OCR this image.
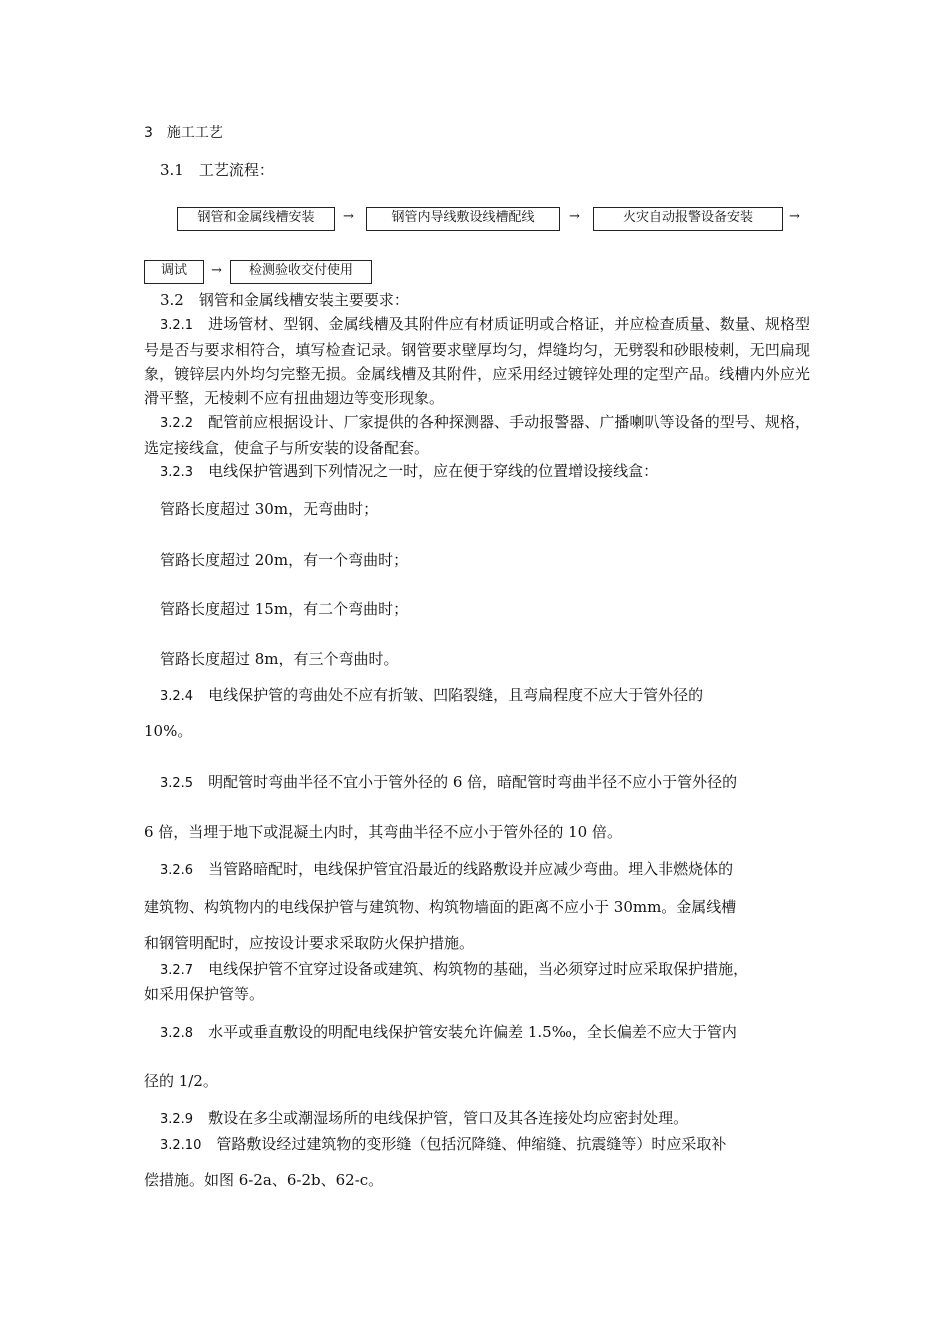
3　施工工艺
3.1　工艺流程：
钢管和金属线槽安装	→	钢管内导线敷设线槽配线	→	火灾自动报警设备安装	→
调试	→	检测验收交付使用
3.2　钢管和金属线槽安装主要要求：
3.2.1　进场管材、型钢、金属线槽及其附件应有材质证明或合格证，并应检查质量、数量、规格型号是否与要求相符合，填写检查记录。钢管要求壁厚均匀，焊缝均匀，无劈裂和砂眼棱刺，无凹扁现象，镀锌层内外均匀完整无损。金属线槽及其附件，应采用经过镀锌处理的定型产品。线槽内外应光滑平整，无棱刺不应有扭曲翅边等变形现象。
3.2.2　配管前应根据设计、厂家提供的各种探测器、手动报警器、广播喇叭等设备的型号、规格，选定接线盒，使盒子与所安装的设备配套。
3.2.3　电线保护管遇到下列情况之一时，应在便于穿线的位置增设接线盒：
管路长度超过 30m，无弯曲时；
管路长度超过 20m，有一个弯曲时；
管路长度超过 15m，有二个弯曲时；
管路长度超过 8m，有三个弯曲时。
3.2.4　电线保护管的弯曲处不应有折皱、凹陷裂缝，且弯扁程度不应大于管外径的
10%。
3.2.5　明配管时弯曲半径不宜小于管外径的 6 倍，暗配管时弯曲半径不应小于管外径的
6 倍，当埋于地下或混凝土内时，其弯曲半径不应小于管外径的 10 倍。
3.2.6　当管路暗配时，电线保护管宜沿最近的线路敷设并应减少弯曲。埋入非燃烧体的
建筑物、构筑物内的电线保护管与建筑物、构筑物墙面的距离不应小于 30mm。金属线槽
和钢管明配时，应按设计要求采取防火保护措施。
3.2.7　电线保护管不宜穿过设备或建筑、构筑物的基础，当必须穿过时应采取保护措施，
如采用保护管等。
3.2.8　水平或垂直敷设的明配电线保护管安装允许偏差 1.5‰，全长偏差不应大于管内
径的 1/2。
3.2.9　敷设在多尘或潮湿场所的电线保护管，管口及其各连接处均应密封处理。
3.2.10　管路敷设经过建筑物的变形缝（包括沉降缝、伸缩缝、抗震缝等）时应采取补
偿措施。如图 6-2a、6-2b、62-c。
